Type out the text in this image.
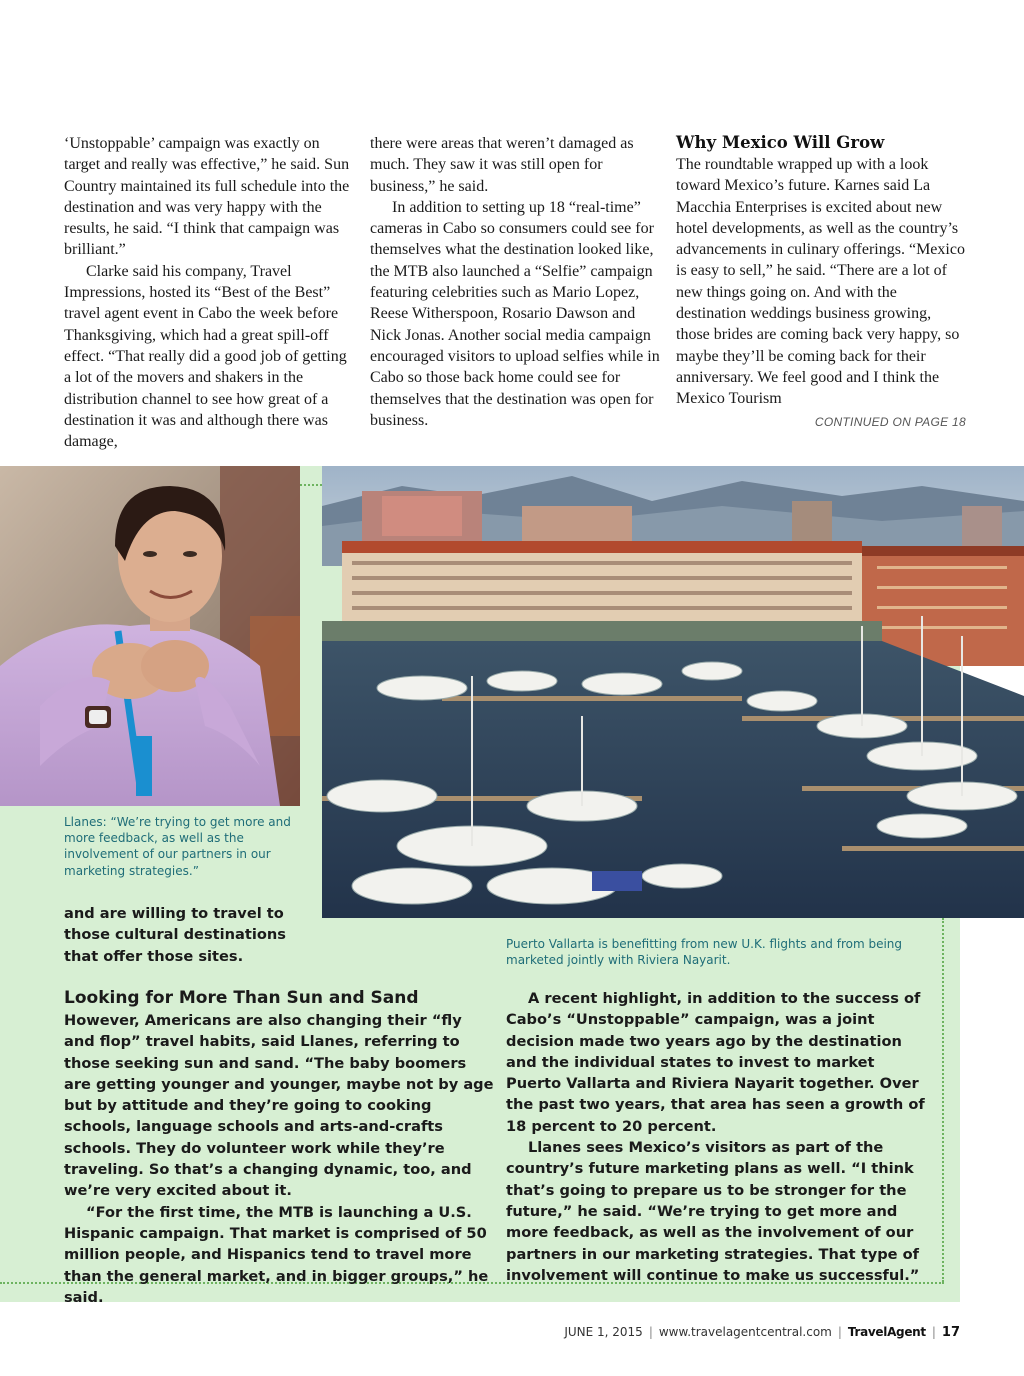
‘Unstoppable’ campaign was exactly on target and really was effective,” he said. Sun Country maintained its full schedule into the destination and was very happy with the results, he said. “I think that campaign was brilliant.”

Clarke said his company, Travel Impressions, hosted its “Best of the Best” travel agent event in Cabo the week before Thanksgiving, which had a great spill-off effect. “That really did a good job of getting a lot of the movers and shakers in the distribution channel to see how great of a destination it was and although there was damage,

there were areas that weren’t damaged as much. They saw it was still open for business,” he said.

In addition to setting up 18 “real-time” cameras in Cabo so consumers could see for themselves what the destination looked like, the MTB also launched a “Selfie” campaign featuring celebrities such as Mario Lopez, Reese Witherspoon, Rosario Dawson and Nick Jonas. Another social media campaign encouraged visitors to upload selfies while in Cabo so those back home could see for themselves that the destination was open for business.

Why Mexico Will Grow

The roundtable wrapped up with a look toward Mexico’s future. Karnes said La Macchia Enterprises is excited about new hotel developments, as well as the country’s advancements in culinary offerings. “Mexico is easy to sell,” he said. “There are a lot of new things going on. And with the destination weddings business growing, those brides are coming back very happy, so maybe they’ll be coming back for their anniversary. We feel good and I think the Mexico Tourism

CONTINUED ON PAGE 18
Llanes: “We’re trying to get more and more feedback, as well as the involvement of our partners in our marketing strategies.”
Puerto Vallarta is benefitting from new U.K. flights and from being marketed jointly with Riviera Nayarit.

and are willing to travel to those cultural destinations that offer those sites.

Looking for More Than Sun and Sand

However, Americans are also changing their “fly and flop” travel habits, said Llanes, referring to those seeking sun and sand. “The baby boomers are getting younger and younger, maybe not by age but by attitude and they’re going to cooking schools, language schools and arts-and-crafts schools. They do volunteer work while they’re traveling. So that’s a changing dynamic, too, and we’re very excited about it.

“For the first time, the MTB is launching a U.S. Hispanic campaign. That market is comprised of 50 million people, and Hispanics tend to travel more than the general market, and in bigger groups,” he said.

A recent highlight, in addition to the success of Cabo’s “Unstoppable” campaign, was a joint decision made two years ago by the destination and the individual states to invest to market Puerto Vallarta and Riviera Nayarit together. Over the past two years, that area has seen a growth of 18 percent to 20 percent.

Llanes sees Mexico’s visitors as part of the country’s future marketing plans as well. “I think that’s going to prepare us to be stronger for the future,” he said. “We’re trying to get more and more feedback, as well as the involvement of our partners in our marketing strategies. That type of involvement will continue to make us successful.”

JUNE 1, 2015 | www.travelagentcentral.com | TravelAgent | 17
